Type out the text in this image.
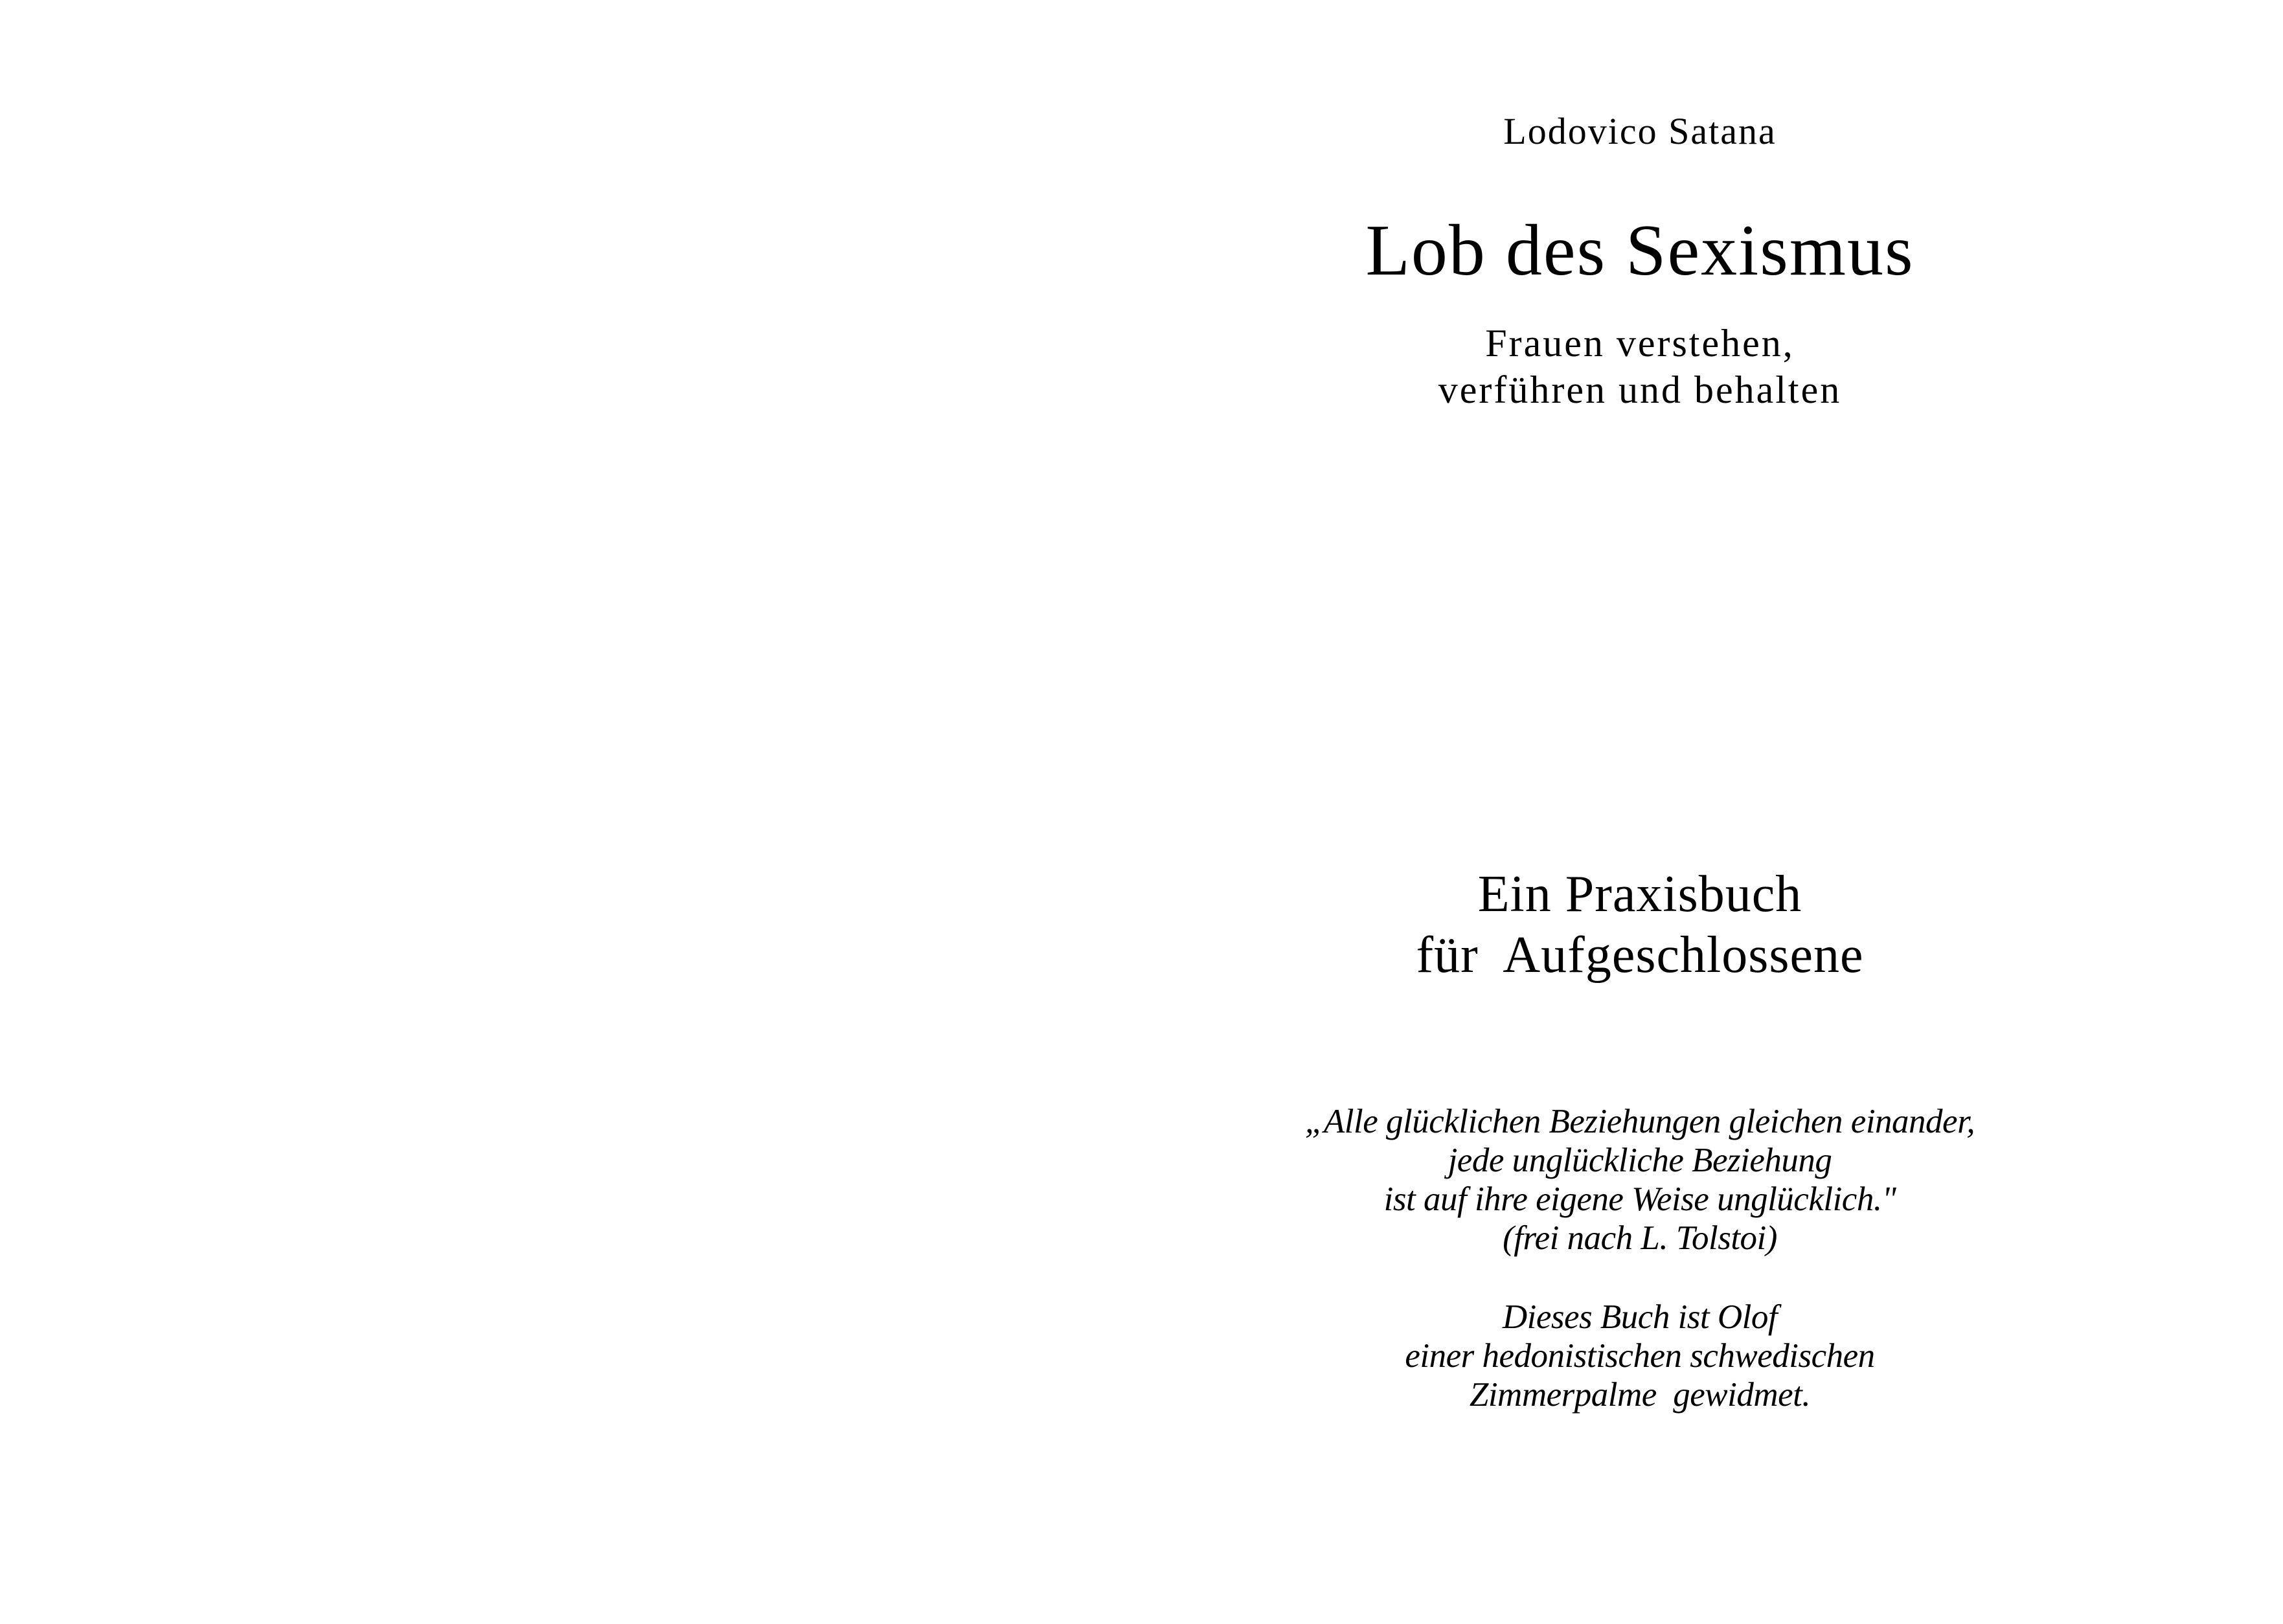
Lodovico Satana
Lob des Sexismus
Frauen verstehen,
verführen und behalten
Ein Praxisbuch
für  Aufgeschlossene
„Alle glücklichen Beziehungen gleichen einander,
jede unglückliche Beziehung
ist auf ihre eigene Weise unglücklich."
(frei nach L. Tolstoi)
Dieses Buch ist Olof
einer hedonistischen schwedischen
Zimmerpalme  gewidmet.
